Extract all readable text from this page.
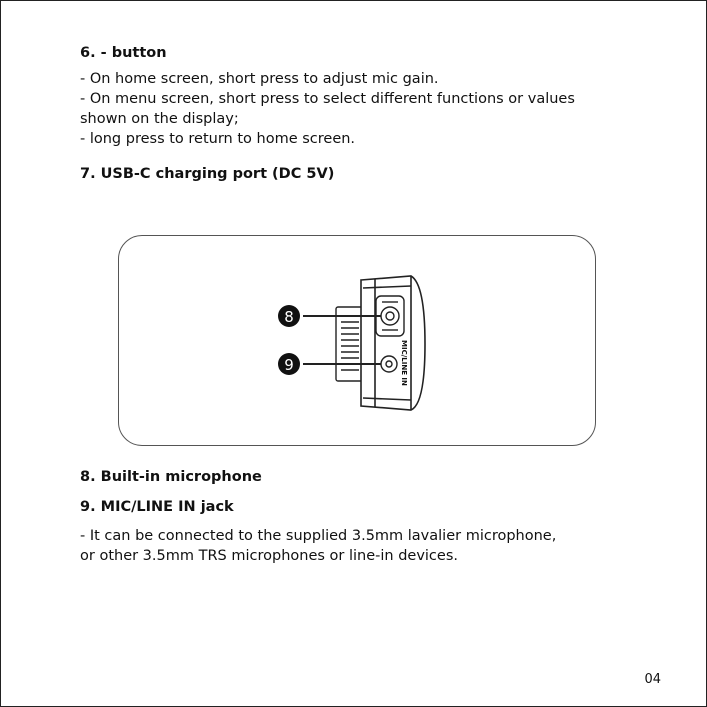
6. - button
- On home screen, short press to adjust mic gain.
- On menu screen, short press to select different functions or values
shown on the display;
- long press to return to home screen.
7. USB-C charging port (DC 5V)
MIC/LINE IN
8
9
8. Built-in microphone
9. MIC/LINE IN jack
- It can be connected to the supplied 3.5mm lavalier microphone,
or other 3.5mm TRS microphones or line-in devices.
04
